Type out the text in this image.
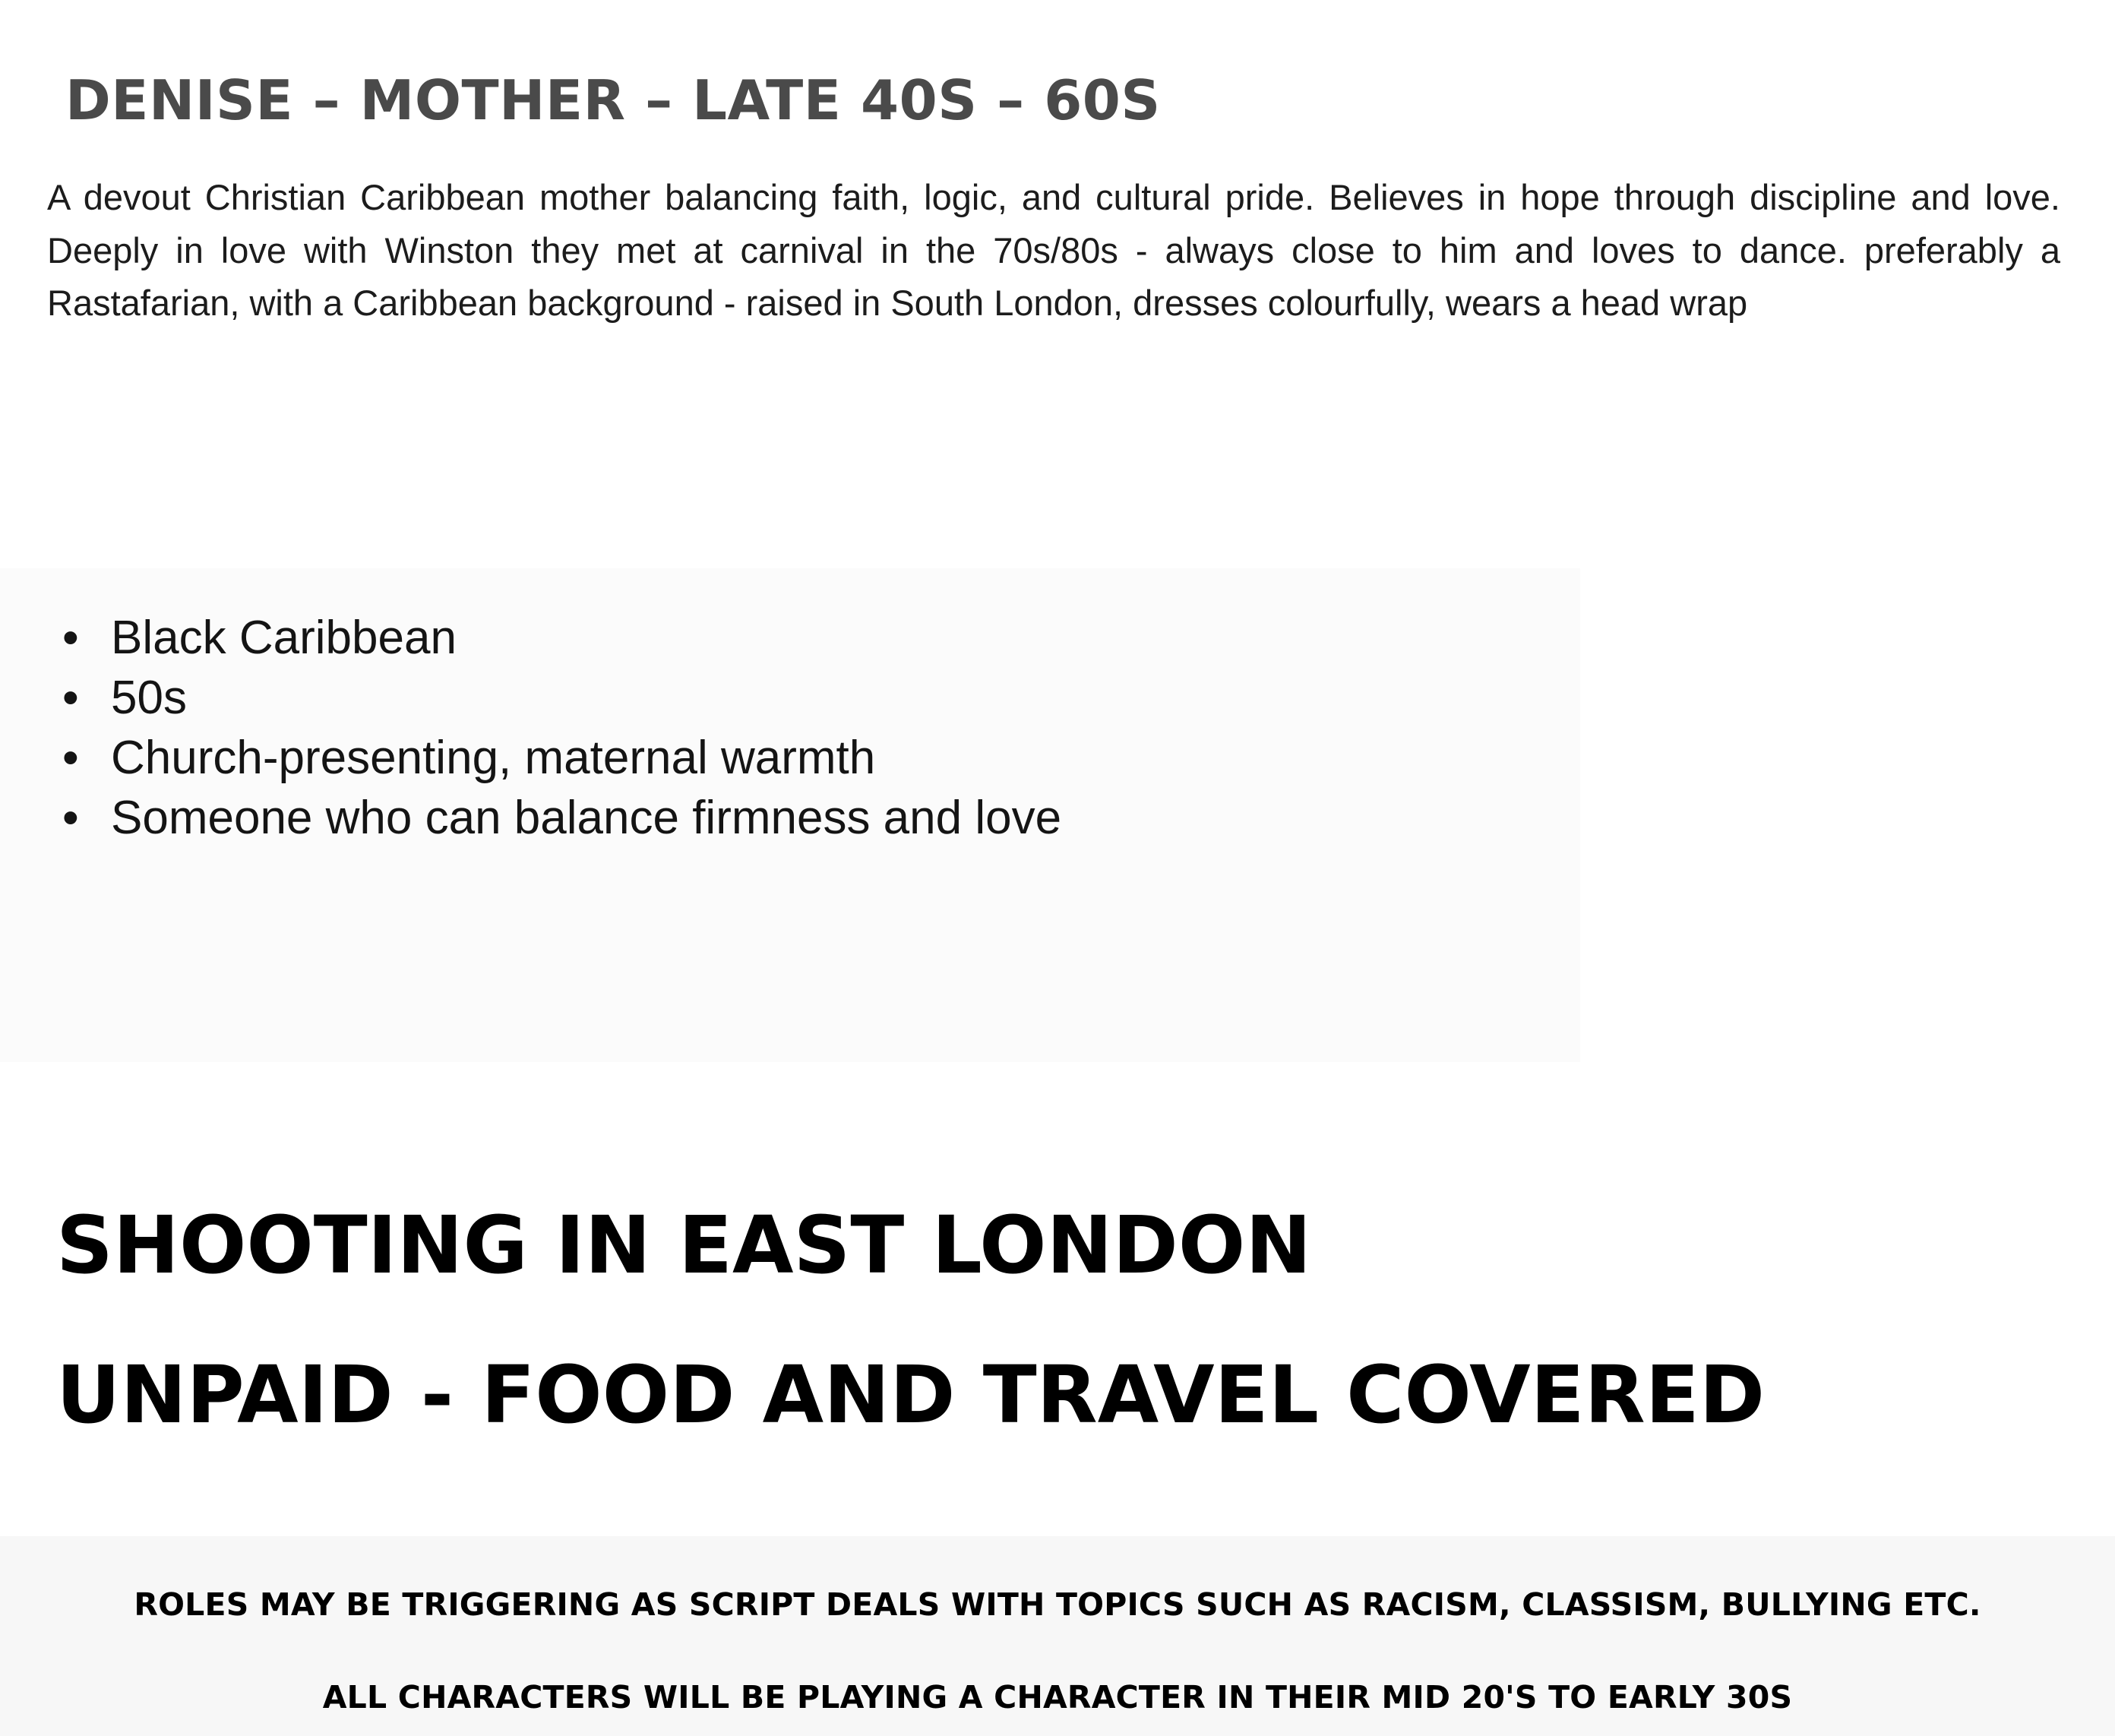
DENISE – MOTHER – LATE 40S – 60S

A devout Christian Caribbean mother balancing faith, logic, and cultural pride. Believes in hope through discipline and love. Deeply in love with Winston they met at carnival in the 70s/80s - always close to him and loves to dance. preferably a Rastafarian, with a Caribbean background - raised in South London, dresses colourfully, wears a head wrap

• Black Caribbean
• 50s
• Church-presenting, maternal warmth
• Someone who can balance firmness and love
SHOOTING IN EAST LONDON
UNPAID - FOOD AND TRAVEL COVERED
ROLES MAY BE TRIGGERING AS SCRIPT DEALS WITH TOPICS SUCH AS RACISM, CLASSISM, BULLYING ETC.
ALL CHARACTERS WILL BE PLAYING A CHARACTER IN THEIR MID 20'S TO EARLY 30S
